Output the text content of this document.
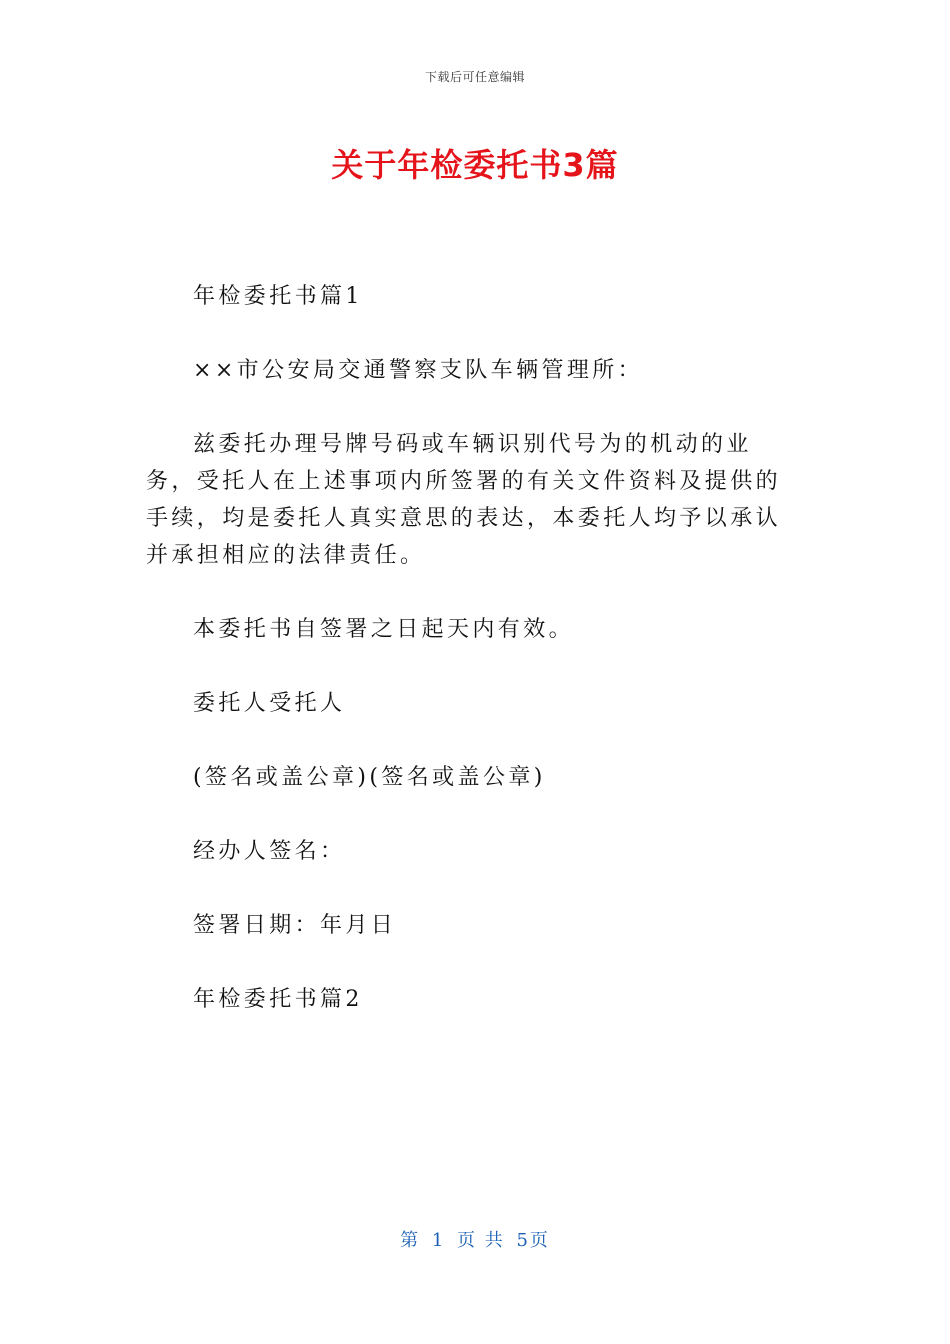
下载后可任意编辑
关于年检委托书3篇

年检委托书篇1

××市公安局交通警察支队车辆管理所：

兹委托办理号牌号码或车辆识别代号为的机动的业务，受托人在上述事项内所签署的有关文件资料及提供的手续，均是委托人真实意思的表达，本委托人均予以承认并承担相应的法律责任。

本委托书自签署之日起天内有效。

委托人受托人

(签名或盖公章)(签名或盖公章)

经办人签名：

签署日期：年月日

年检委托书篇2

第 1 页 共 5页
